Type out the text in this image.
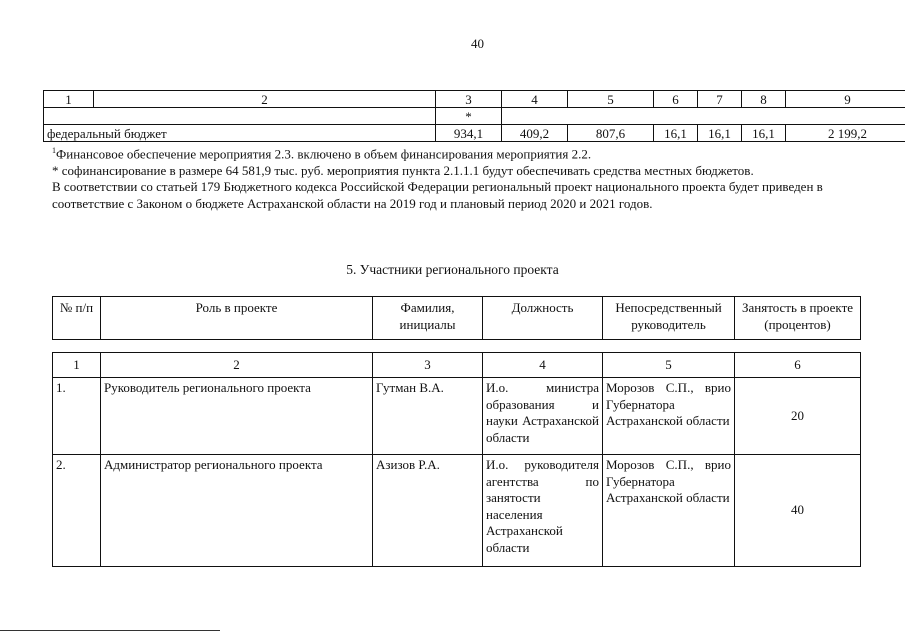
40
1	2	3	4	5	6	7	8	9
		*						
федеральный бюджет		934,1	409,2	807,6	16,1	16,1	16,1	2 199,2

$^1$Финансовое обеспечение мероприятия 2.3. включено в объем финансирования мероприятия 2.2.

* софинансирование в размере 64 581,9 тыс. руб. мероприятия пункта 2.1.1.1 будут обеспечивать средства местных бюджетов.

В соответствии со статьей 179 Бюджетного кодекса Российской Федерации региональный проект национального проекта будет приведен в соответствие с Законом о бюджете Астраханской области на 2019 год и плановый период 2020 и 2021 годов.

5. Участники регионального проекта
№ п/п	Роль в проекте	Фамилия, инициалы	Должность	Непосредственный руководитель	Занятость в проекте (процентов)
1	2	3	4	5	6
1.	Руководитель регионального проекта	Гутман В.А.	И.о. министра образования и науки Астраханской области	Морозов С.П., врио Губернатора Астраханской области	20
2.	Администратор регионального проекта	Азизов Р.А.	И.о. руководителя агентства по занятости населения Астраханской области	Морозов С.П., врио Губернатора Астраханской области	40
